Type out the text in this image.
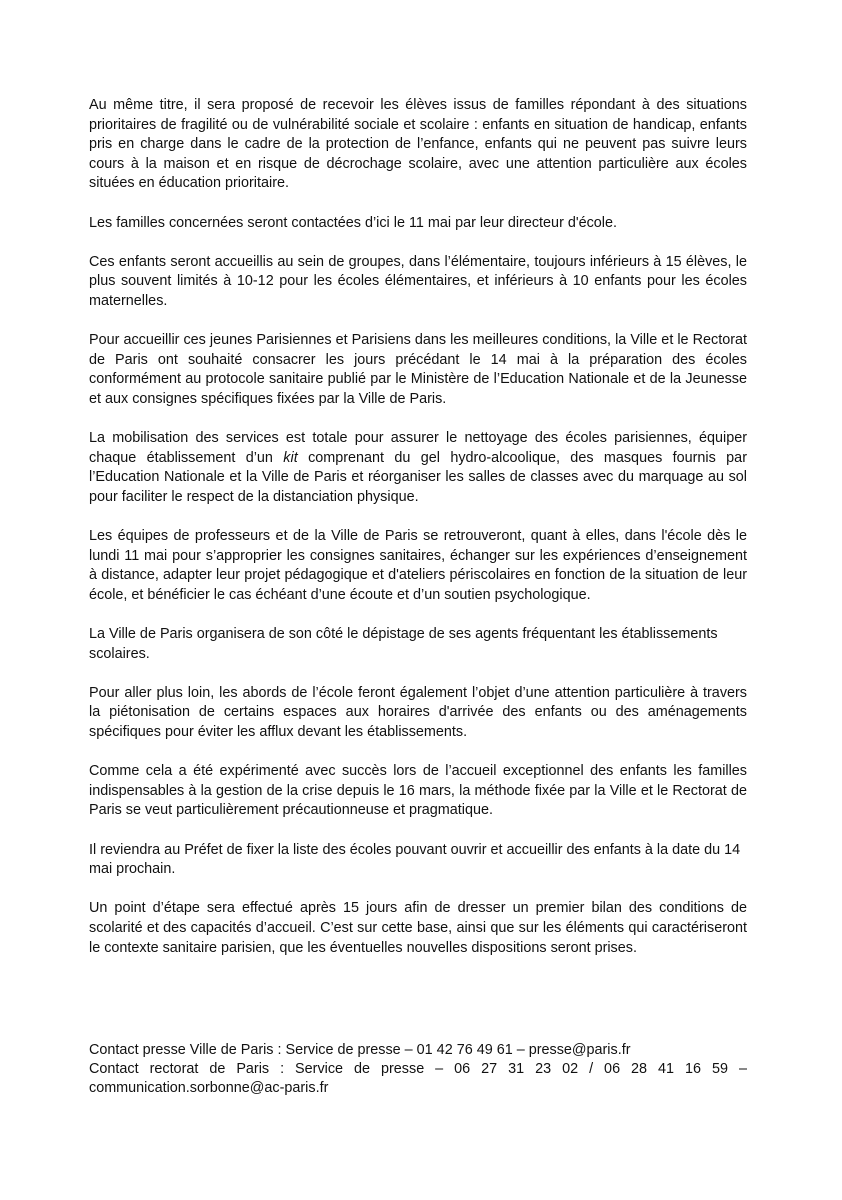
Au même titre, il sera proposé de recevoir les élèves issus de familles répondant à des situations prioritaires de fragilité ou de vulnérabilité sociale et scolaire : enfants en situation de handicap, enfants pris en charge dans le cadre de la protection de l’enfance, enfants qui ne peuvent pas suivre leurs cours à la maison et en risque de décrochage scolaire, avec une attention particulière aux écoles situées en éducation prioritaire.

Les familles concernées seront contactées d’ici le 11 mai par leur directeur d'école.

Ces enfants seront accueillis au sein de groupes, dans l’élémentaire, toujours inférieurs à 15 élèves, le plus souvent limités à 10-12 pour les écoles élémentaires, et inférieurs à 10 enfants pour les écoles maternelles.

Pour accueillir ces jeunes Parisiennes et Parisiens dans les meilleures conditions, la Ville et le Rectorat de Paris ont souhaité consacrer les jours précédant le 14 mai à la préparation des écoles conformément au protocole sanitaire publié par le Ministère de l’Education Nationale et de la Jeunesse et aux consignes spécifiques fixées par la Ville de Paris.

La mobilisation des services est totale pour assurer le nettoyage des écoles parisiennes, équiper chaque établissement d’un kit comprenant du gel hydro-alcoolique, des masques fournis par l’Education Nationale et la Ville de Paris et réorganiser les salles de classes avec du marquage au sol pour faciliter le respect de la distanciation physique.

Les équipes de professeurs et de la Ville de Paris se retrouveront, quant à elles, dans l'école dès le lundi 11 mai pour s’approprier les consignes sanitaires, échanger sur les expériences d’enseignement à distance, adapter leur projet pédagogique et d'ateliers périscolaires en fonction de la situation de leur école, et bénéficier le cas échéant d’une écoute et d’un soutien psychologique.

La Ville de Paris organisera de son côté le dépistage de ses agents fréquentant les établissements scolaires.

Pour aller plus loin, les abords de l’école feront également l’objet d’une attention particulière à travers la piétonisation de certains espaces aux horaires d'arrivée des enfants ou des aménagements spécifiques pour éviter les afflux devant les établissements.

Comme cela a été expérimenté avec succès lors de l’accueil exceptionnel des enfants les familles indispensables à la gestion de la crise depuis le 16 mars, la méthode fixée par la Ville et le Rectorat de Paris se veut particulièrement précautionneuse et pragmatique.

Il reviendra au Préfet de fixer la liste des écoles pouvant ouvrir et accueillir des enfants à la date du 14 mai prochain.

Un point d’étape sera effectué après 15 jours afin de dresser un premier bilan des conditions de scolarité et des capacités d’accueil. C’est sur cette base, ainsi que sur les éléments qui caractériseront le contexte sanitaire parisien, que les éventuelles nouvelles dispositions seront prises.

Contact presse Ville de Paris : Service de presse – 01 42 76 49 61 – presse@paris.fr

Contact rectorat de Paris : Service de presse – 06 27 31 23 02 / 06 28 41 16 59 – communication.sorbonne@ac-paris.fr
